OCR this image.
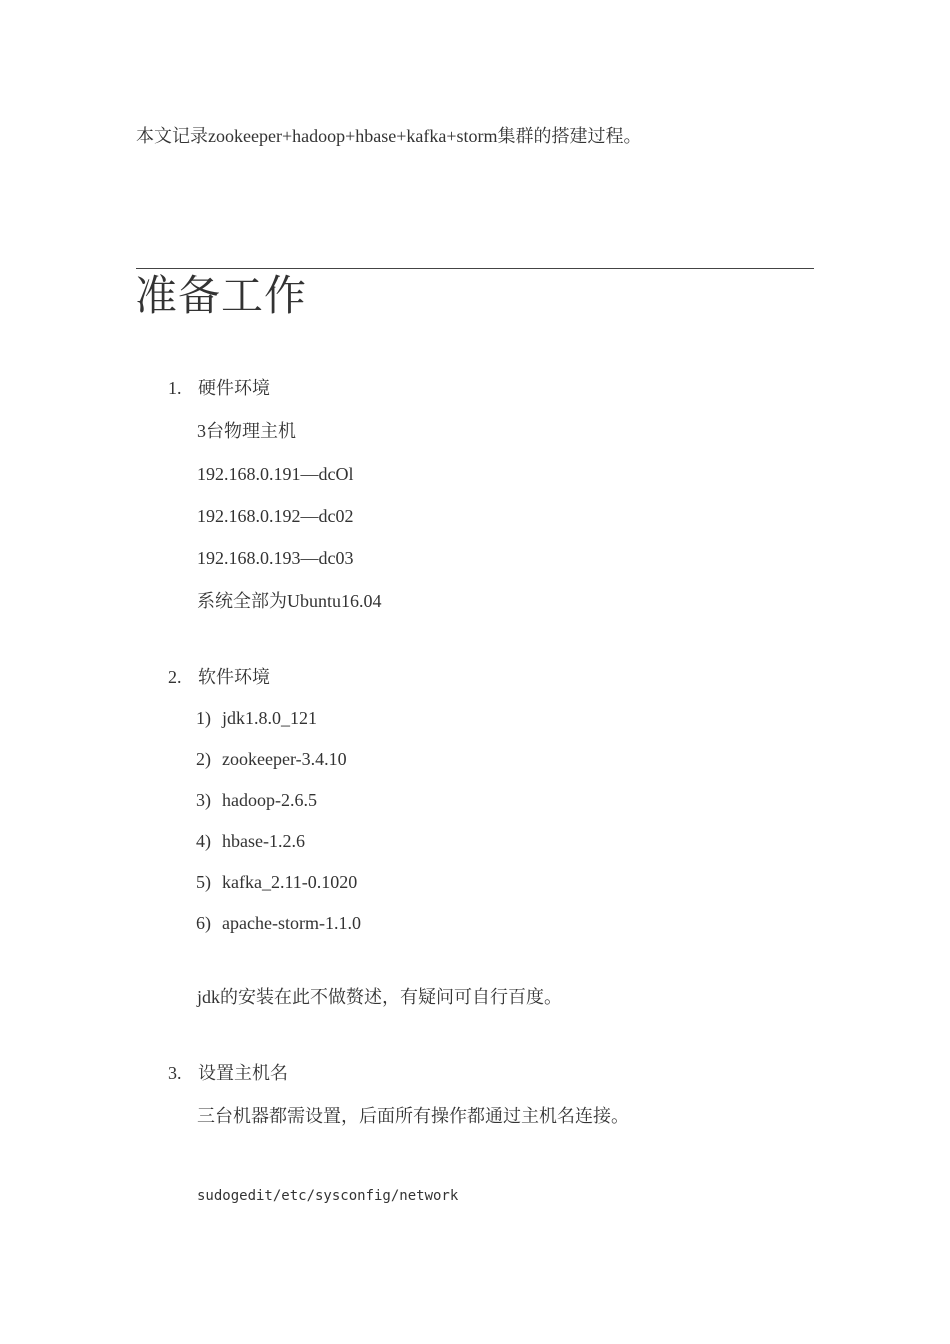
本文记录zookeeper+hadoop+hbase+kafka+storm集群的搭建过程。
准备工作
1. 硬件环境
3台物理主机
192.168.0.191—dcOl
192.168.0.192—dc02
192.168.0.193—dc03
系统全部为Ubuntu16.04
2. 软件环境
1) jdk1.8.0_121
2) zookeeper-3.4.10
3) hadoop-2.6.5
4) hbase-1.2.6
5) kafka_2.11-0.1020
6) apache-storm-1.1.0
jdk的安装在此不做赘述，有疑问可自行百度。
3. 设置主机名
三台机器都需设置，后面所有操作都通过主机名连接。
sudogedit/etc/sysconfig/network
